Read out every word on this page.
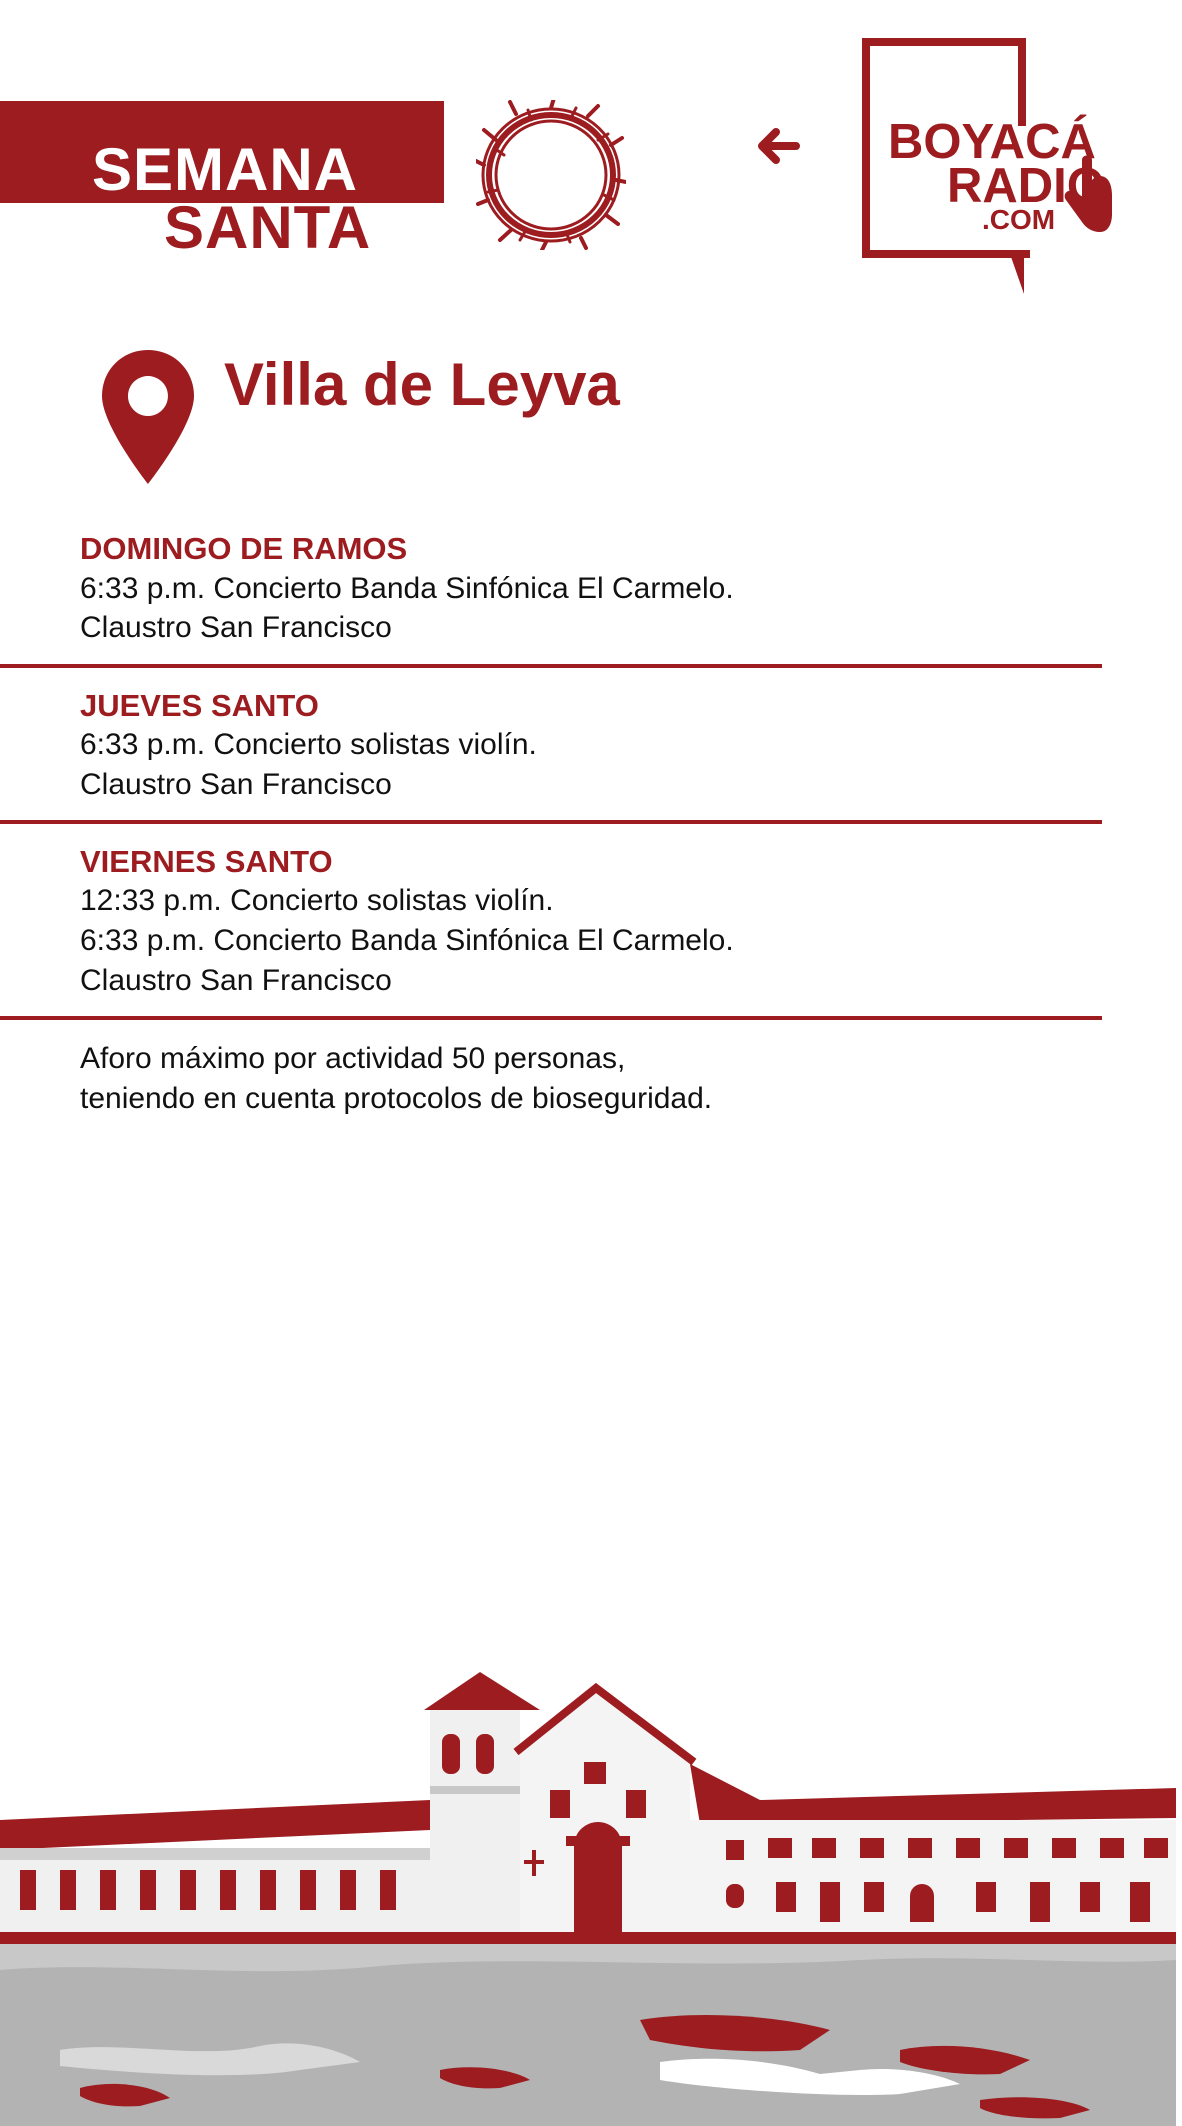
SEMANA
SANTA
BOYACÁ
RADIO
.COM
Villa de Leyva
DOMINGO DE RAMOS
6:33 p.m. Concierto Banda Sinfónica El Carmelo.
Claustro San Francisco
JUEVES SANTO
6:33 p.m. Concierto solistas violín.
Claustro San Francisco
VIERNES SANTO
12:33 p.m. Concierto solistas violín.
6:33 p.m. Concierto Banda Sinfónica El Carmelo.
Claustro San Francisco
Aforo máximo por actividad 50 personas,
teniendo en cuenta protocolos de bioseguridad.
